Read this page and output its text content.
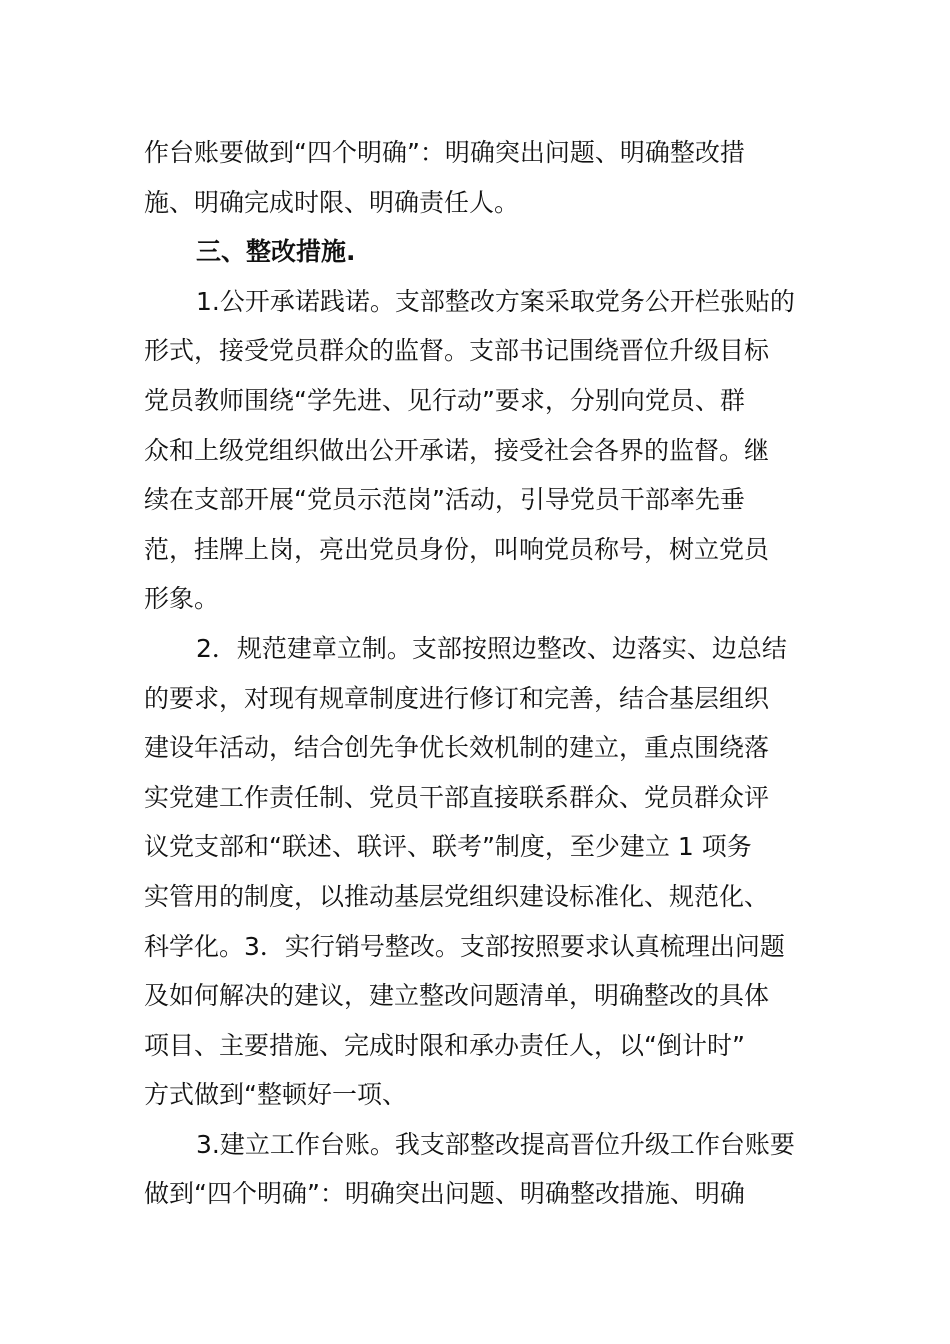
作台账要做到“四个明确”：明确突出问题、明确整改措
施、明确完成时限、明确责任人。
三、整改措施.
1.公开承诺践诺。支部整改方案采取党务公开栏张贴的
形式，接受党员群众的监督。支部书记围绕晋位升级目标
党员教师围绕“学先进、见行动”要求，分别向党员、群
众和上级党组织做出公开承诺，接受社会各界的监督。继
续在支部开展“党员示范岗”活动，引导党员干部率先垂
范，挂牌上岗，亮出党员身份，叫响党员称号，树立党员
形象。
2．规范建章立制。支部按照边整改、边落实、边总结
的要求，对现有规章制度进行修订和完善，结合基层组织
建设年活动，结合创先争优长效机制的建立，重点围绕落
实党建工作责任制、党员干部直接联系群众、党员群众评
议党支部和“联述、联评、联考”制度，至少建立 1 项务
实管用的制度，以推动基层党组织建设标准化、规范化、
科学化。3．实行销号整改。支部按照要求认真梳理出问题
及如何解决的建议，建立整改问题清单，明确整改的具体
项目、主要措施、完成时限和承办责任人，以“倒计时”
方式做到“整顿好一项、
3.建立工作台账。我支部整改提高晋位升级工作台账要
做到“四个明确”：明确突出问题、明确整改措施、明确
